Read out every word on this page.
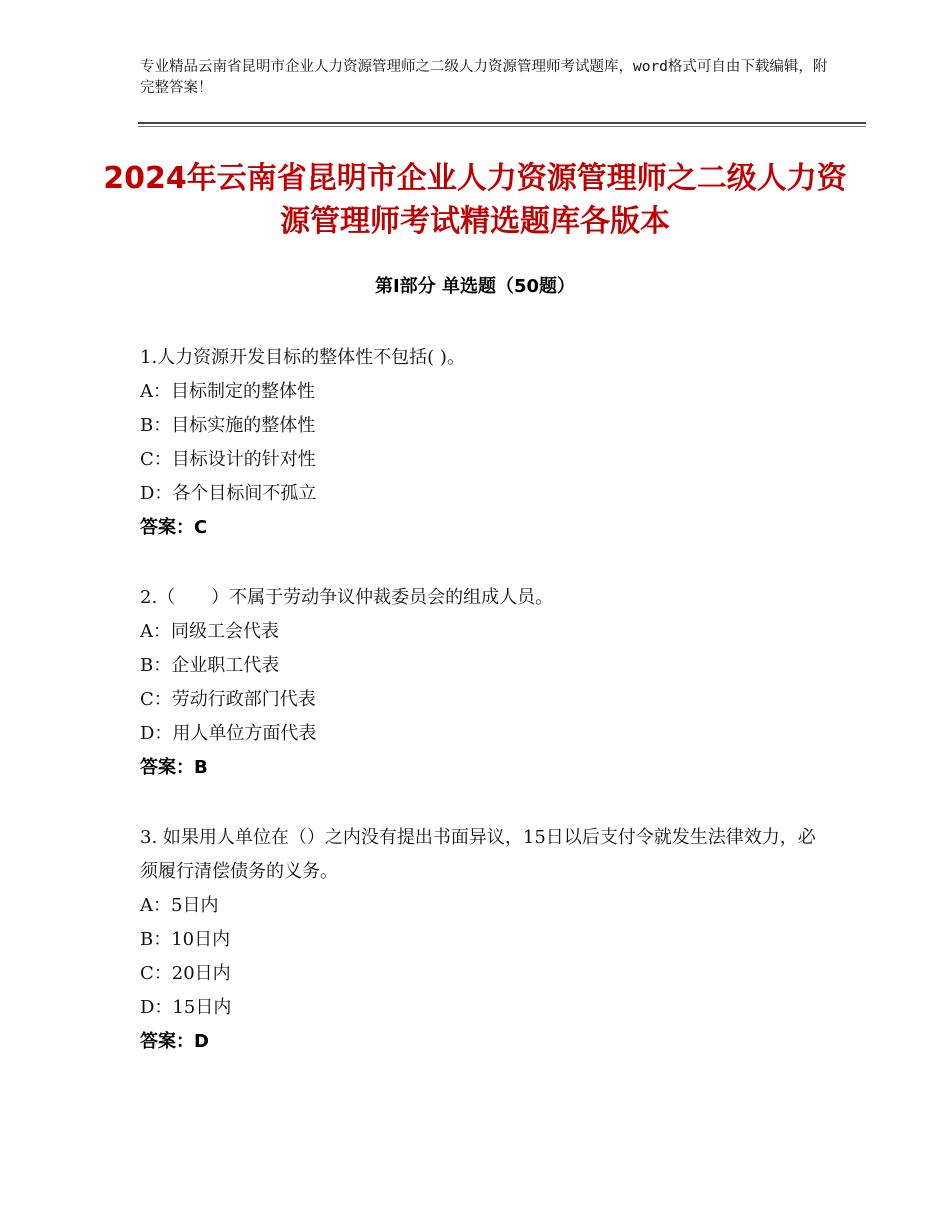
专业精品云南省昆明市企业人力资源管理师之二级人力资源管理师考试题库，word格式可自由下载编辑，附完整答案！
2024年云南省昆明市企业人力资源管理师之二级人力资源管理师考试精选题库各版本
第Ⅰ部分 单选题（50题）
1.人力资源开发目标的整体性不包括( )。
A：目标制定的整体性
B：目标实施的整体性
C：目标设计的针对性
D：各个目标间不孤立
答案：C
2.（　　）不属于劳动争议仲裁委员会的组成人员。
A：同级工会代表
B：企业职工代表
C：劳动行政部门代表
D：用人单位方面代表
答案：B
3. 如果用人单位在（）之内没有提出书面异议，15日以后支付令就发生法律效力，必须履行清偿债务的义务。
A：5日内
B：10日内
C：20日内
D：15日内
答案：D
